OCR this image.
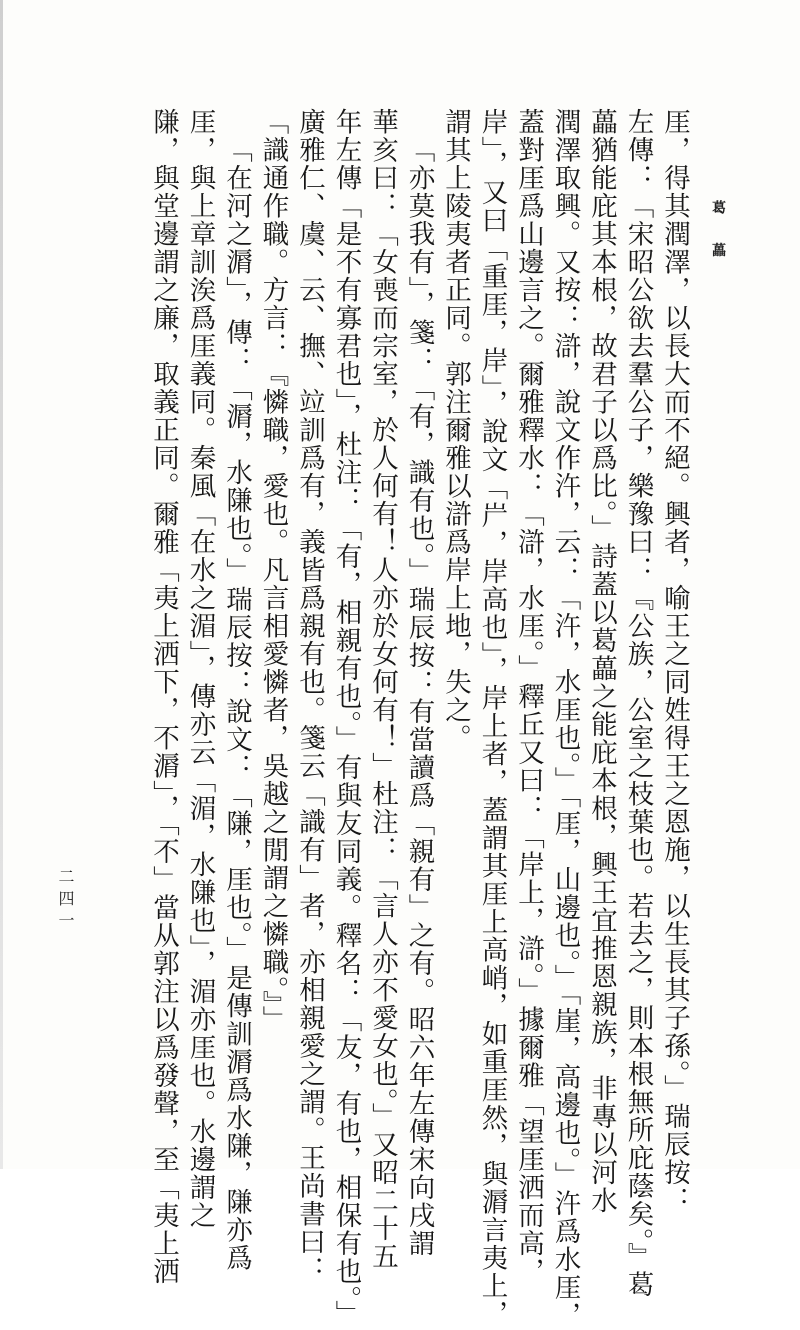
葛 藟
厓，得其潤澤，以長大而不絕。興者，喻王之同姓得王之恩施，以生長其子孫。」瑞辰按：
左傳：「宋昭公欲去羣公子，樂豫曰：『公族，公室之枝葉也。若去之，則本根無所庇蔭矣。』葛
藟猶能庇其本根，故君子以爲比。」詩蓋以葛藟之能庇本根，興王宜推恩親族，非專以河水
潤澤取興。又按：滸，說文作汻，云：「汻，水厓也。」「厓，山邊也。」「崖，高邊也。」汻爲水厓，
蓋對厓爲山邊言之。爾雅釋水：「滸，水厓。」釋丘又曰：「岸上，滸。」據爾雅「望厓洒而高，
岸」，又曰「重厓，岸」，說文「屵，岸高也」，岸上者，蓋謂其厓上高峭，如重厓然，與漘言夷上，
謂其上陵夷者正同。郭注爾雅以滸爲岸上地，失之。
「亦莫我有」，箋：「有，識有也。」瑞辰按：有當讀爲「親有」之有。昭六年左傳宋向戌謂
華亥曰：「女喪而宗室，於人何有！人亦於女何有！」杜注：「言人亦不愛女也。」又昭二十五
年左傳「是不有寡君也」，杜注：「有，相親有也。」有與友同義。釋名：「友，有也，相保有也。」
廣雅仁、虞、云、撫、竝訓爲有，義皆爲親有也。箋云「識有」者，亦相親愛之謂。王尚書曰：
「識通作職。方言：『憐職，愛也。凡言相愛憐者，吳越之閒謂之憐職。』」
「在河之漘」，傳：「漘，水隒也。」瑞辰按：說文：「隒，厓也。」是傳訓漘爲水隒，隒亦爲
厓，與上章訓涘爲厓義同。秦風「在水之湄」，傳亦云「湄，水隒也」，湄亦厓也。水邊謂之
隒，與堂邊謂之廉，取義正同。爾雅「夷上洒下，不漘」，「不」當从郭注以爲發聲，至「夷上洒
二四一
